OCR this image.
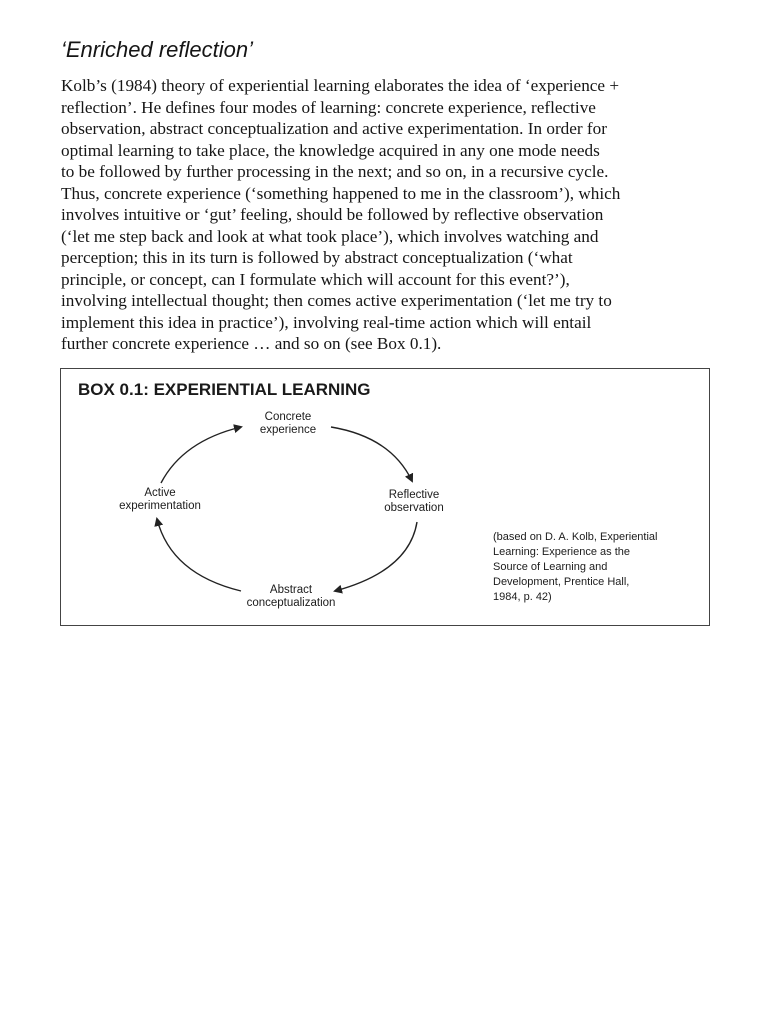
‘Enriched reflection’

Kolb’s (1984) theory of experiential learning elaborates the idea of ‘experience +
reflection’. He defines four modes of learning: concrete experience, reflective
observation, abstract conceptualization and active experimentation. In order for
optimal learning to take place, the knowledge acquired in any one mode needs
to be followed by further processing in the next; and so on, in a recursive cycle.
Thus, concrete experience (‘something happened to me in the classroom’), which
involves intuitive or ‘gut’ feeling, should be followed by reflective observation
(‘let me step back and look at what took place’), which involves watching and
perception; this in its turn is followed by abstract conceptualization (‘what
principle, or concept, can I formulate which will account for this event?’),
involving intellectual thought; then comes active experimentation (‘let me try to
implement this idea in practice’), involving real-time action which will entail
further concrete experience … and so on (see Box 0.1).

BOX 0.1: EXPERIENTIAL LEARNING
Concrete
experience
Reflective
observation
Abstract
conceptualization
Active
experimentation

(based on D. A. Kolb, Experiential
Learning: Experience as the
Source of Learning and
Development, Prentice Hall,
1984, p. 42)
